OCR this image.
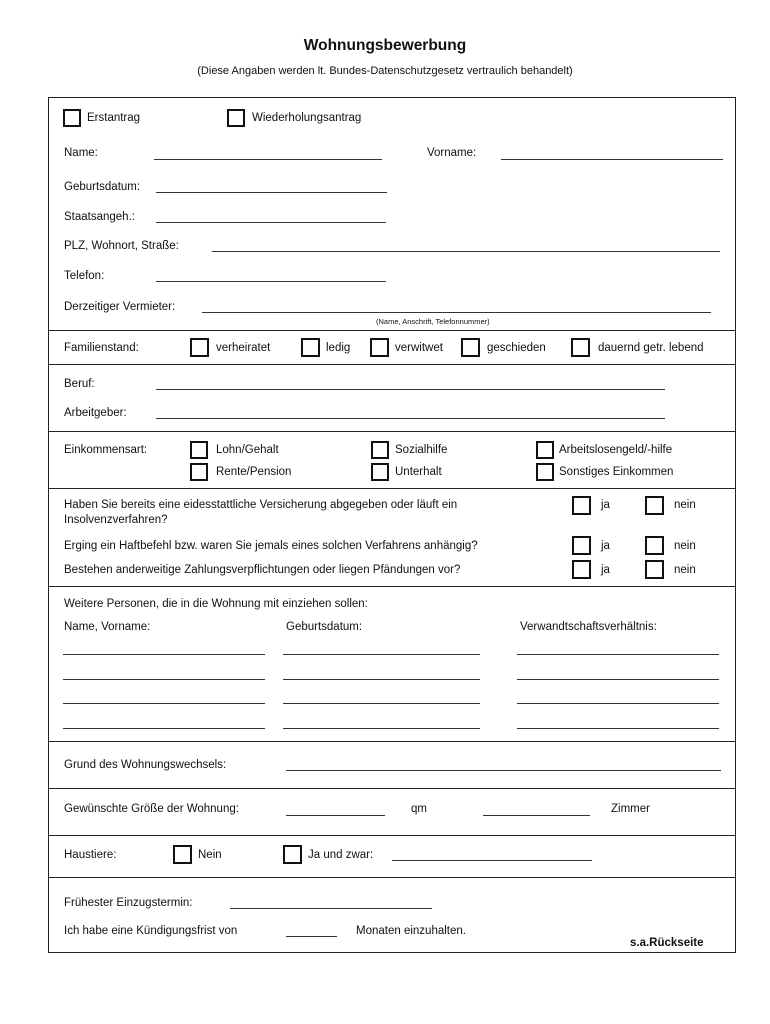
Wohnungsbewerbung
(Diese Angaben werden lt. Bundes-Datenschutzgesetz vertraulich behandelt)
Erstantrag	Wiederholungsantrag
Name:	Vorname:
Geburtsdatum:
Staatsangeh.:
PLZ, Wohnort, Straße:
Telefon:
Derzeitiger Vermieter:
(Name, Anschrift, Telefonnummer)
Familienstand:	verheiratet	ledig	verwitwet	geschieden	dauernd getr. lebend
Beruf:
Arbeitgeber:
Einkommensart:	Lohn/Gehalt	Sozialhilfe	Arbeitslosengeld/-hilfe
Rente/Pension	Unterhalt	Sonstiges Einkommen
Haben Sie bereits eine eidesstattliche Versicherung abgegeben oder läuft ein
Insolvenzverfahren?
ja	nein
Erging ein Haftbefehl bzw. waren Sie jemals eines solchen Verfahrens anhängig?	ja	nein
Bestehen anderweitige Zahlungsverpflichtungen oder liegen Pfändungen vor?	ja	nein
Weitere Personen, die in die Wohnung mit einziehen sollen:
Name, Vorname:	Geburtsdatum:	Verwandtschaftsverhältnis:
Grund des Wohnungswechsels:
Gewünschte Größe der Wohnung:	qm	Zimmer
Haustiere:	Nein	Ja und zwar:
Frühester Einzugstermin:
Ich habe eine Kündigungsfrist von	Monaten einzuhalten.
s.a.Rückseite
